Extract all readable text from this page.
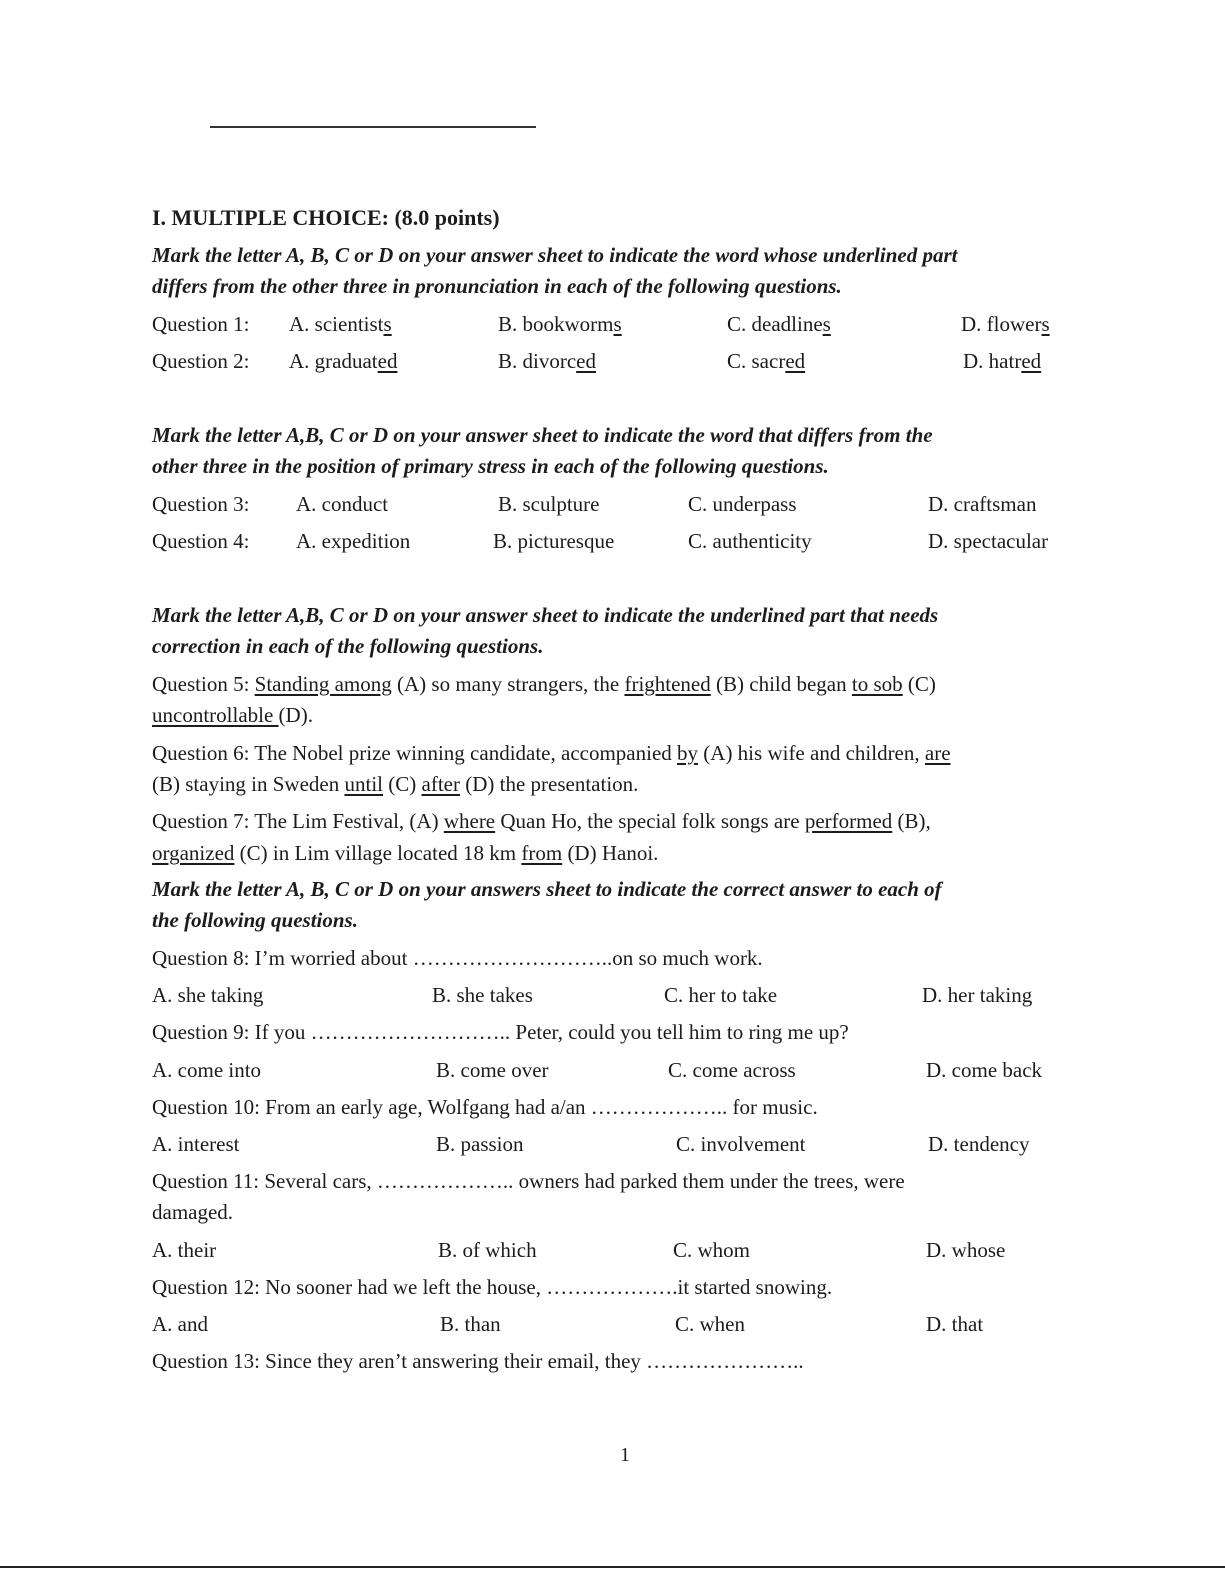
I. MULTIPLE CHOICE: (8.0 points)
Mark the letter A, B, C or D on your answer sheet to indicate the word whose underlined part
differs from the other three in pronunciation in each of the following questions.
Question 1: A. scientists	B. bookworms	C. deadlines	D. flowers
Question 2: A. graduated	B. divorced	C. sacred	D. hatred
Mark the letter A,B, C or D on your answer sheet to indicate the word that differs from the
other three in the position of primary stress in each of the following questions.
Question 3: A. conduct	B. sculpture	C. underpass	D. craftsman
Question 4: A. expedition	B. picturesque	C. authenticity	D. spectacular
Mark the letter A,B, C or D on your answer sheet to indicate the underlined part that needs
correction in each of the following questions.
Question 5: Standing among (A) so many strangers, the frightened (B) child began to sob (C)
uncontrollable (D).
Question 6: The Nobel prize winning candidate, accompanied by (A) his wife and children, are
(B) staying in Sweden until (C) after (D) the presentation.
Question 7: The Lim Festival, (A) where Quan Ho, the special folk songs are performed (B),
organized (C) in Lim village located 18 km from (D) Hanoi.
Mark the letter A, B, C or D on your answers sheet to indicate the correct answer to each of
the following questions.
Question 8: I’m worried about ………………………..on so much work.
A. she taking	B. she takes	C. her to take	D. her taking
Question 9: If you ……………………….. Peter, could you tell him to ring me up?
A. come into	B. come over	C. come across	D. come back
Question 10: From an early age, Wolfgang had a/an ……………….. for music.
A. interest	B. passion	C. involvement	D. tendency
Question 11: Several cars, ……………….. owners had parked them under the trees, were
damaged.
A. their	B. of which	C. whom	D. whose
Question 12: No sooner had we left the house, ……………….it started snowing.
A. and	B. than	C. when	D. that
Question 13: Since they aren’t answering their email, they …………………..
1
